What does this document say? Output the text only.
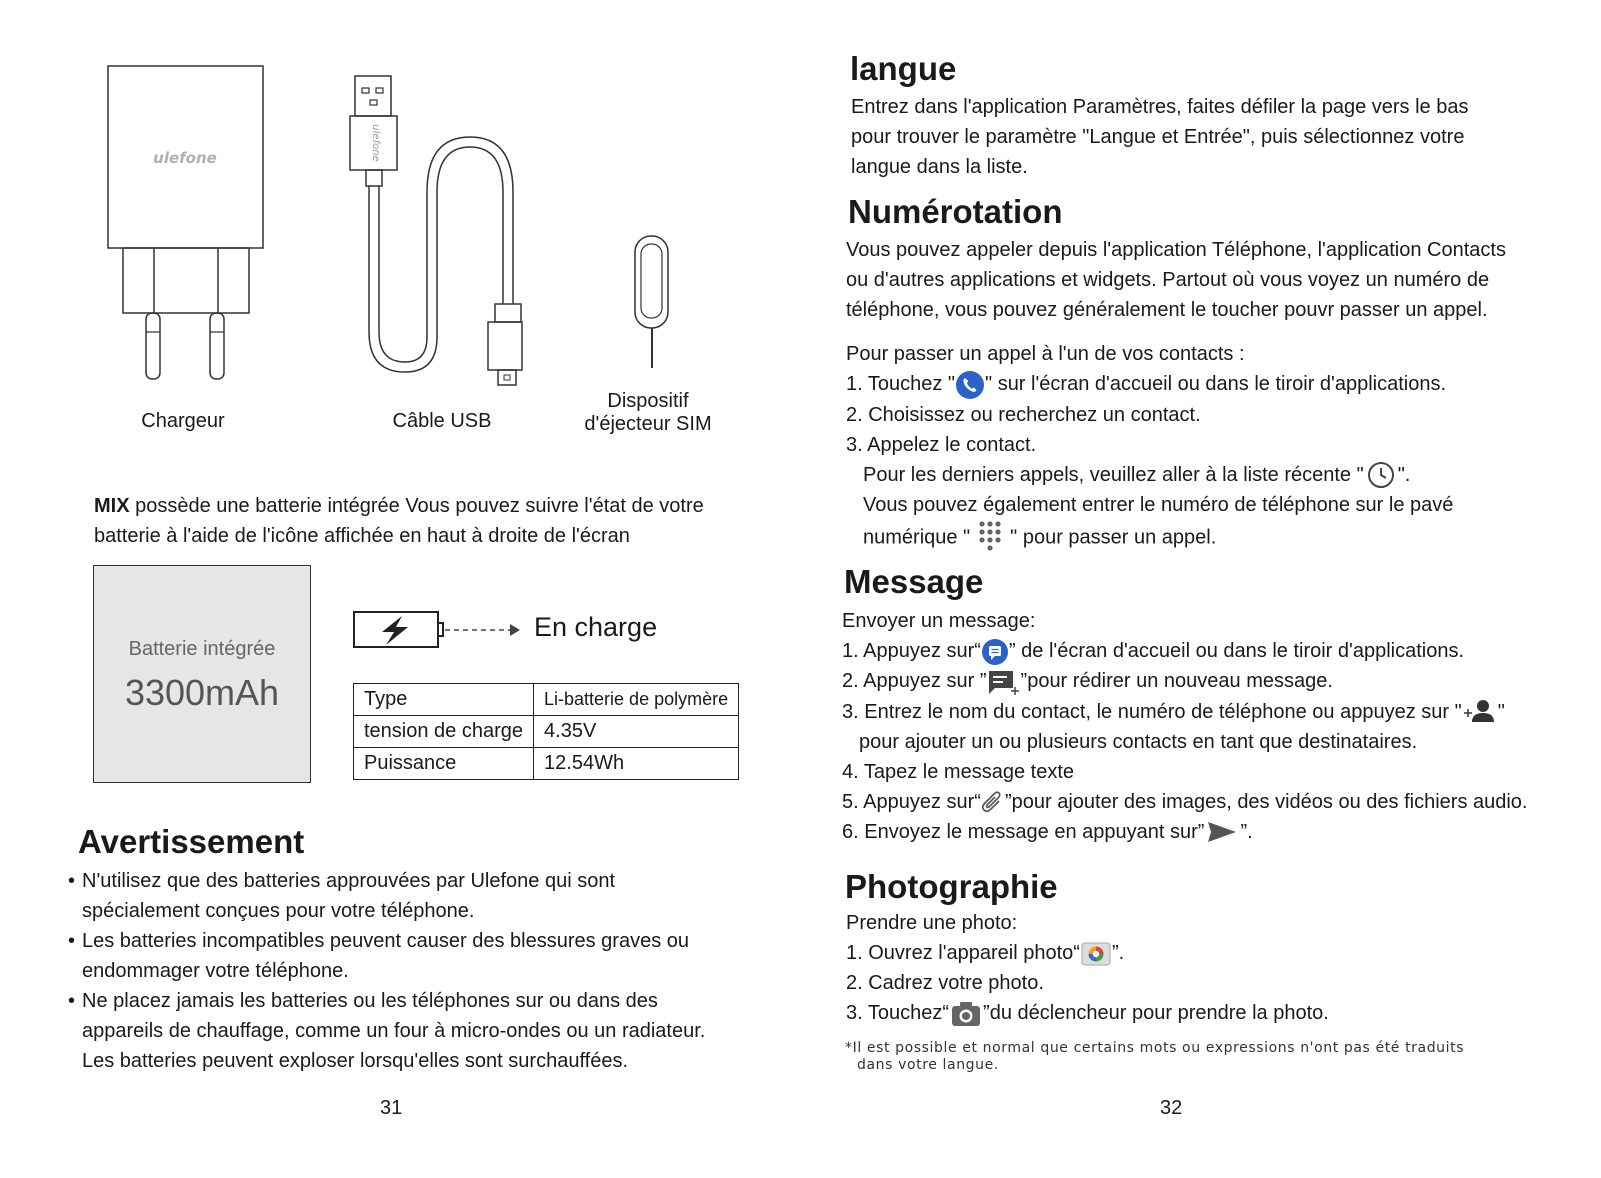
ulefone	ulefone
Chargeur	Câble USB
Dispositif
d'éjecteur SIM
MIX possède une batterie intégrée Vous pouvez suivre l'état de votre
batterie à l'aide de l'icône affichée en haut à droite de l'écran
Batterie intégrée
3300mAh
En charge
Type	Li-batterie de polymère
tension de charge	4.35V
Puissance	12.54Wh
Avertissement
• N'utilisez que des batteries approuvées par Ulefone qui sont
spécialement conçues pour votre téléphone.
• Les batteries incompatibles peuvent causer des blessures graves ou
endommager votre téléphone.
• Ne placez jamais les batteries ou les téléphones sur ou dans des
appareils de chauffage, comme un four à micro-ondes ou un radiateur.
Les batteries peuvent exploser lorsqu'elles sont surchauffées.
31
langue
Entrez dans l'application Paramètres, faites défiler la page vers le bas
pour trouver le paramètre "Langue et Entrée", puis sélectionnez votre
langue dans la liste.
Numérotation
Vous pouvez appeler depuis l'application Téléphone, l'application Contacts
ou d'autres applications et widgets. Partout où vous voyez un numéro de
téléphone, vous pouvez généralement le toucher pouvr passer un appel.
Pour passer un appel à l'un de vos contacts :
1. Touchez " " sur l'écran d'accueil ou dans le tiroir d'applications.
2. Choisissez ou recherchez un contact.
3. Appelez le contact.
Pour les derniers appels, veuillez aller à la liste récente " ".
Vous pouvez également entrer le numéro de téléphone sur le pavé
numérique " " pour passer un appel.
Message
Envoyer un message:
1. Appuyez sur“ ” de l'écran d'accueil ou dans le tiroir d'applications.
2. Appuyez sur ” ”pour rédirer un nouveau message.
3. Entrez le nom du contact, le numéro de téléphone ou appuyez sur " "
pour ajouter un ou plusieurs contacts en tant que destinataires.
4. Tapez le message texte
5. Appuyez sur“ ”pour ajouter des images, des vidéos ou des fichiers audio.
6. Envoyez le message en appuyant sur” ”.
Photographie
Prendre une photo:
1. Ouvrez l'appareil photo“ ”.
2. Cadrez votre photo.
3. Touchez“ ”du déclencheur pour prendre la photo.
*Il est possible et normal que certains mots ou expressions n'ont pas été traduits
dans votre langue.
32
